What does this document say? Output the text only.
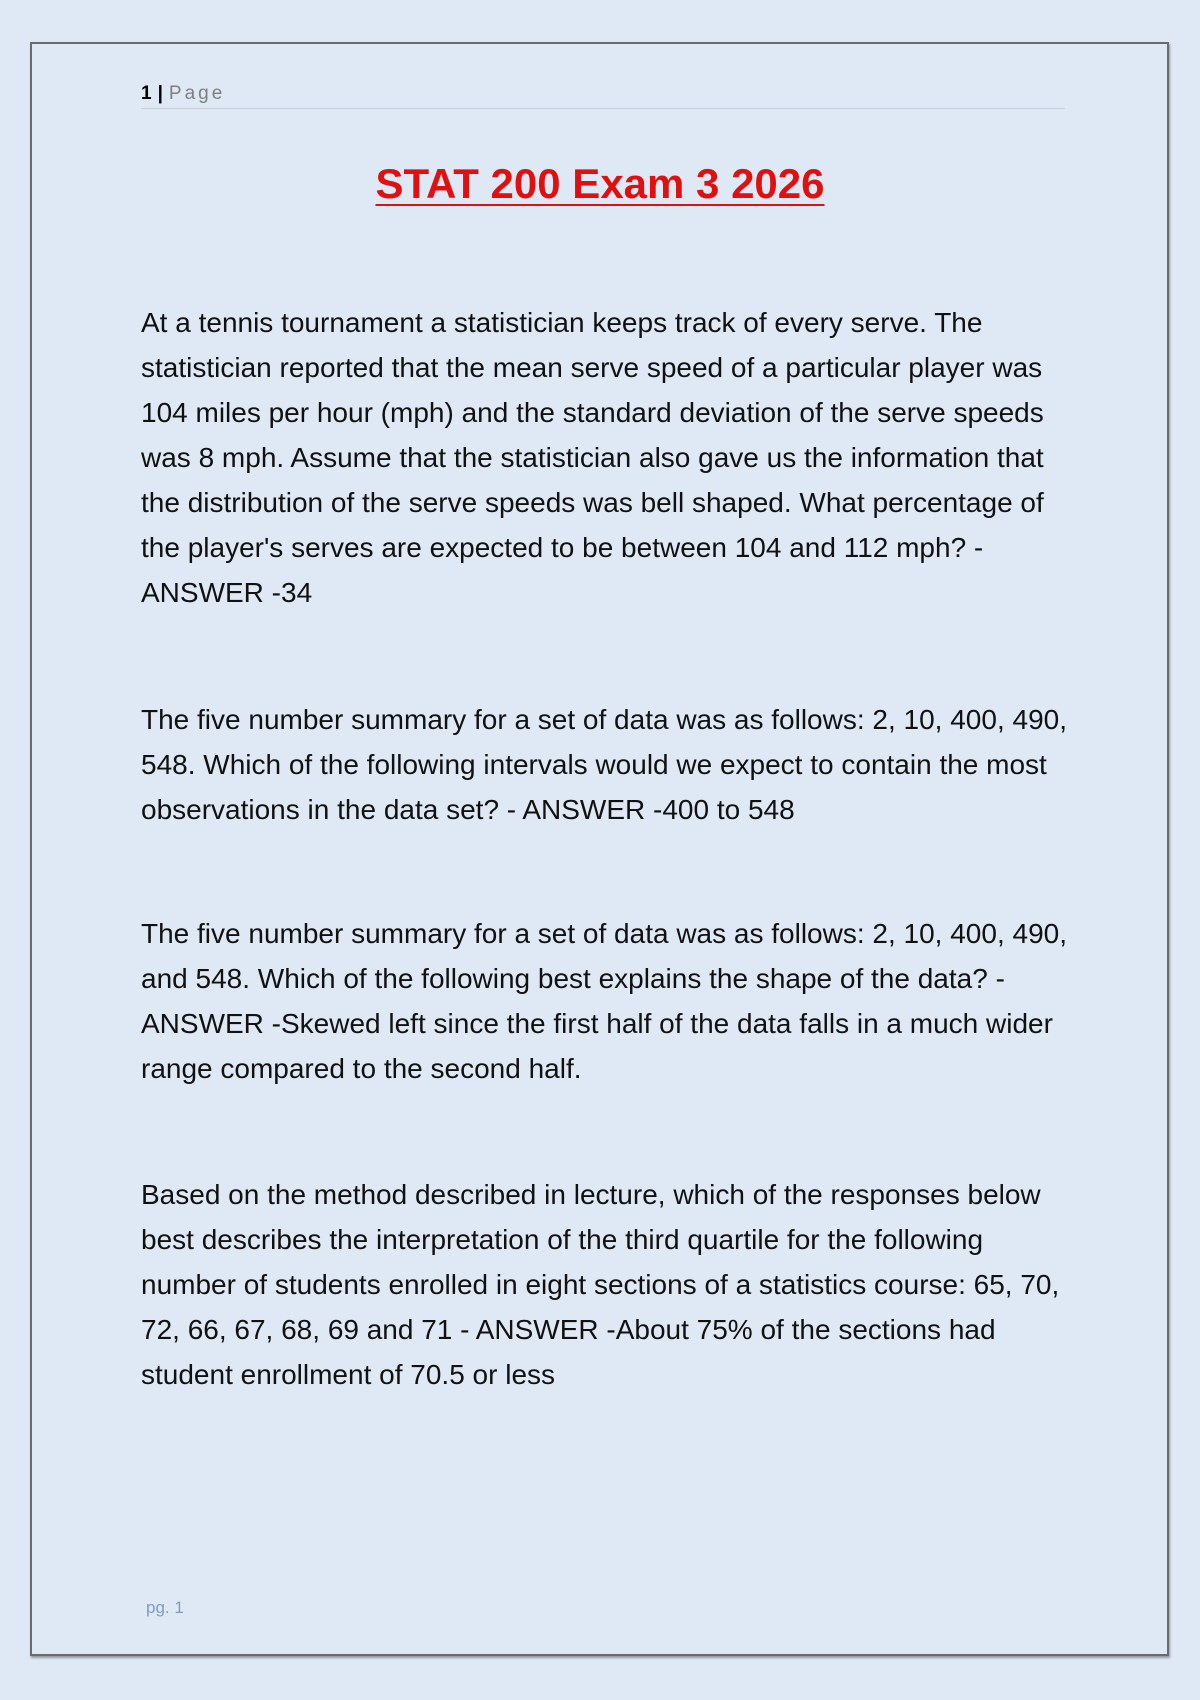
1 | Page
STAT 200 Exam 3 2026

At a tennis tournament a statistician keeps track of every serve. The statistician reported that the mean serve speed of a particular player was 104 miles per hour (mph) and the standard deviation of the serve speeds was 8 mph. Assume that the statistician also gave us the information that the distribution of the serve speeds was bell shaped. What percentage of the player's serves are expected to be between 104 and 112 mph? - ANSWER -34

The five number summary for a set of data was as follows: 2, 10, 400, 490, 548. Which of the following intervals would we expect to contain the most observations in the data set? - ANSWER -400 to 548

The five number summary for a set of data was as follows: 2, 10, 400, 490, and 548. Which of the following best explains the shape of the data? - ANSWER -Skewed left since the first half of the data falls in a much wider range compared to the second half.

Based on the method described in lecture, which of the responses below best describes the interpretation of the third quartile for the following number of students enrolled in eight sections of a statistics course: 65, 70, 72, 66, 67, 68, 69 and 71 - ANSWER -About 75% of the sections had student enrollment of 70.5 or less

pg. 1
